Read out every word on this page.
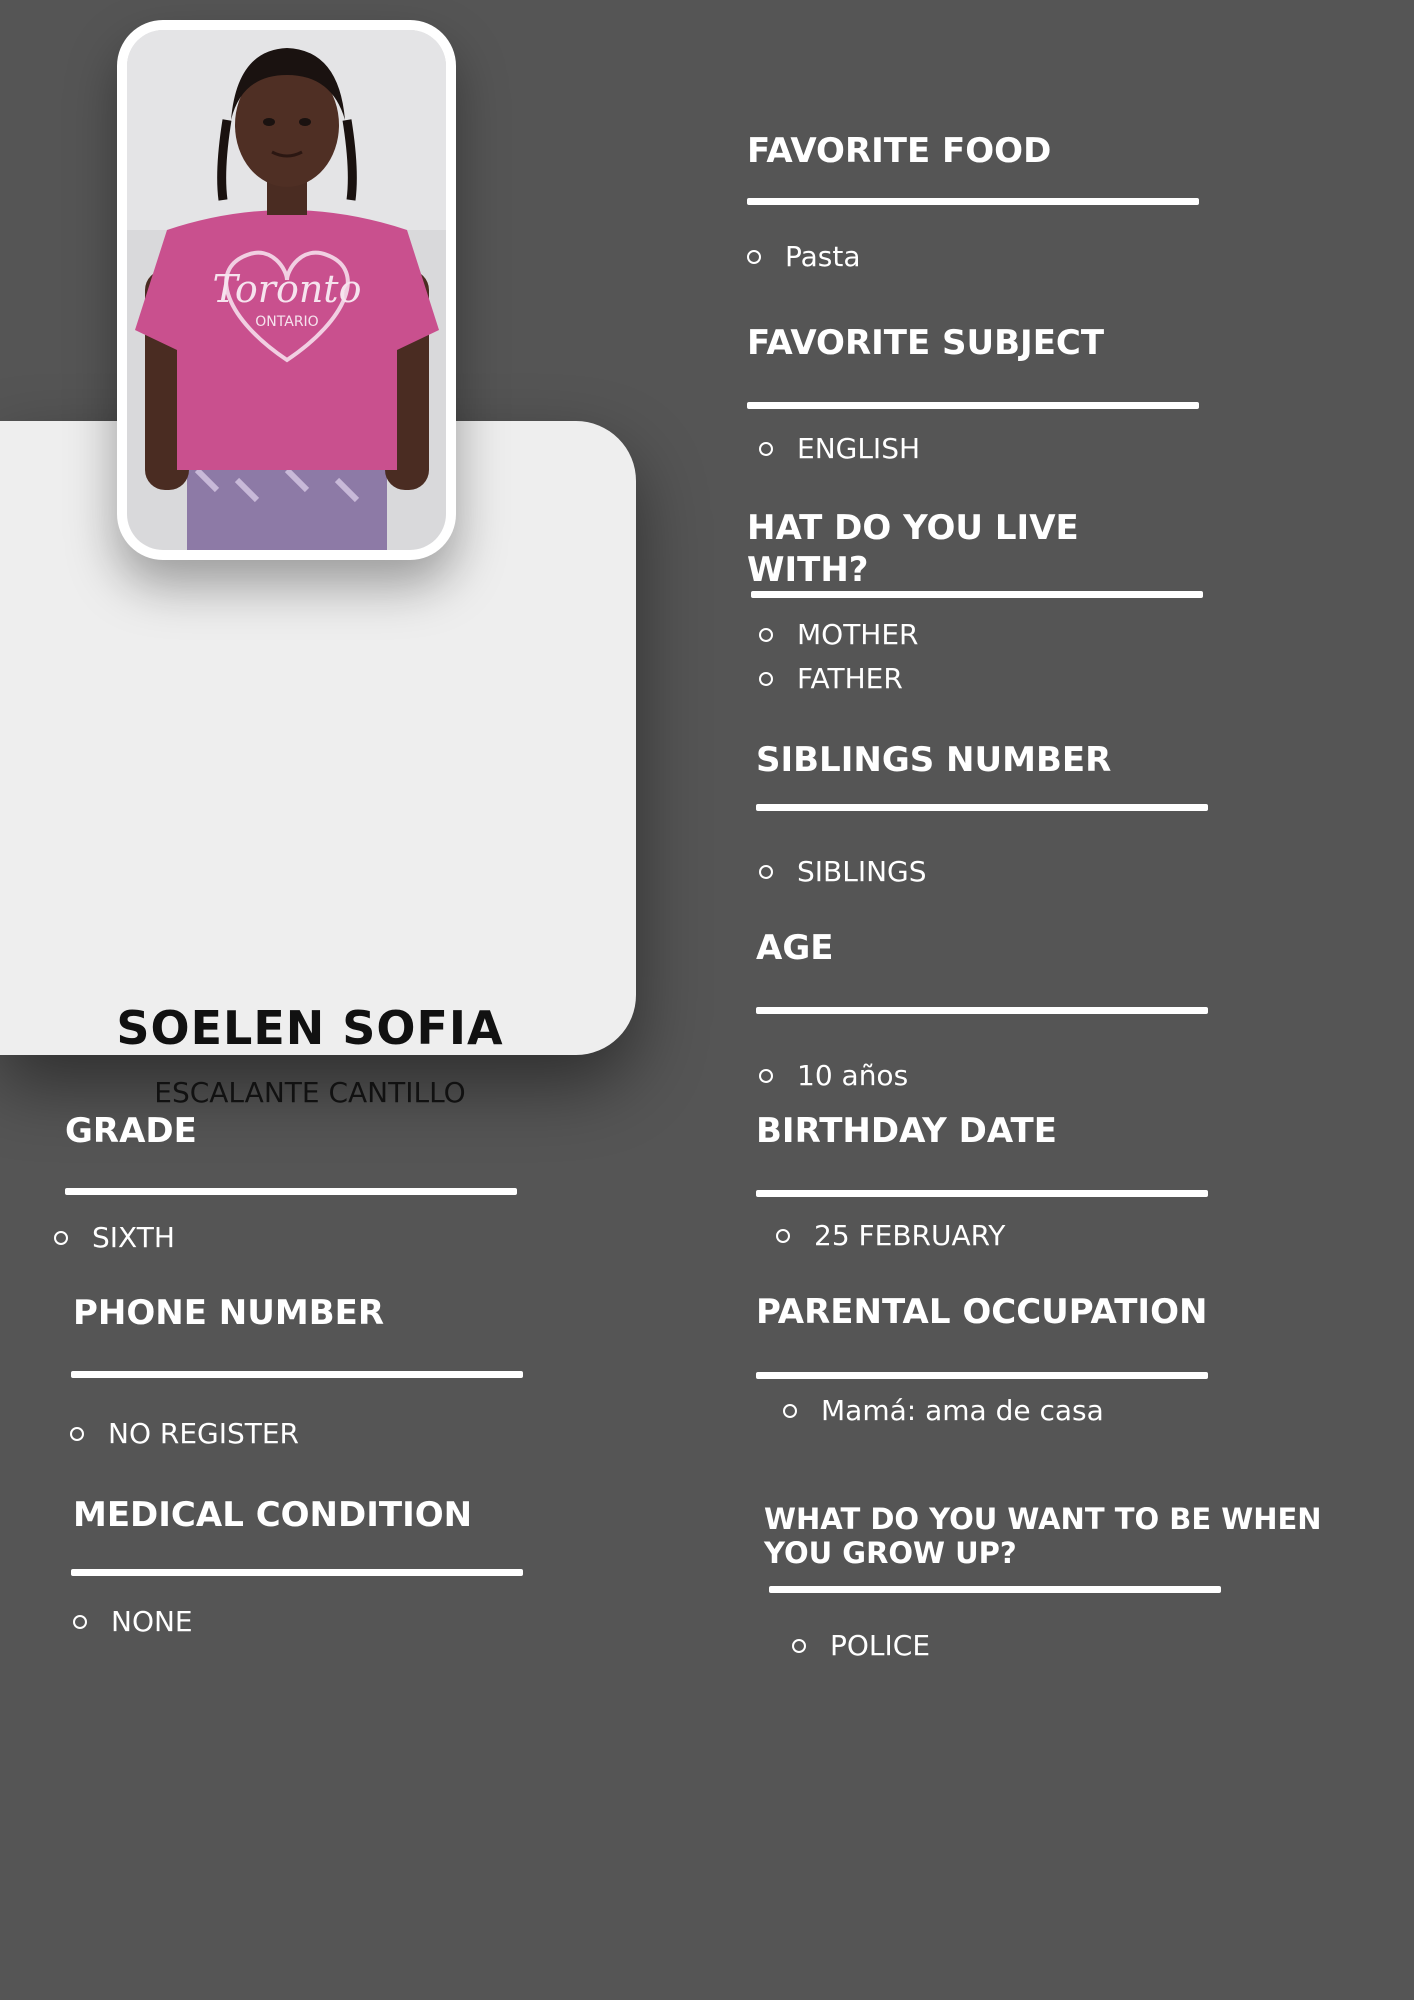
SOELEN SOFIA
ESCALANTE CANTILLO
Toronto
ONTARIO
FAVORITE FOOD
Pasta
FAVORITE SUBJECT
ENGLISH
HAT DO YOU LIVE
WITH?
MOTHER
FATHER
SIBLINGS NUMBER
SIBLINGS
AGE
10 años
BIRTHDAY DATE
25 FEBRUARY
PARENTAL OCCUPATION
Mamá: ama de casa
WHAT DO YOU WANT TO BE WHEN
YOU GROW UP?
POLICE
GRADE
SIXTH
PHONE NUMBER
NO REGISTER
MEDICAL CONDITION
NONE
